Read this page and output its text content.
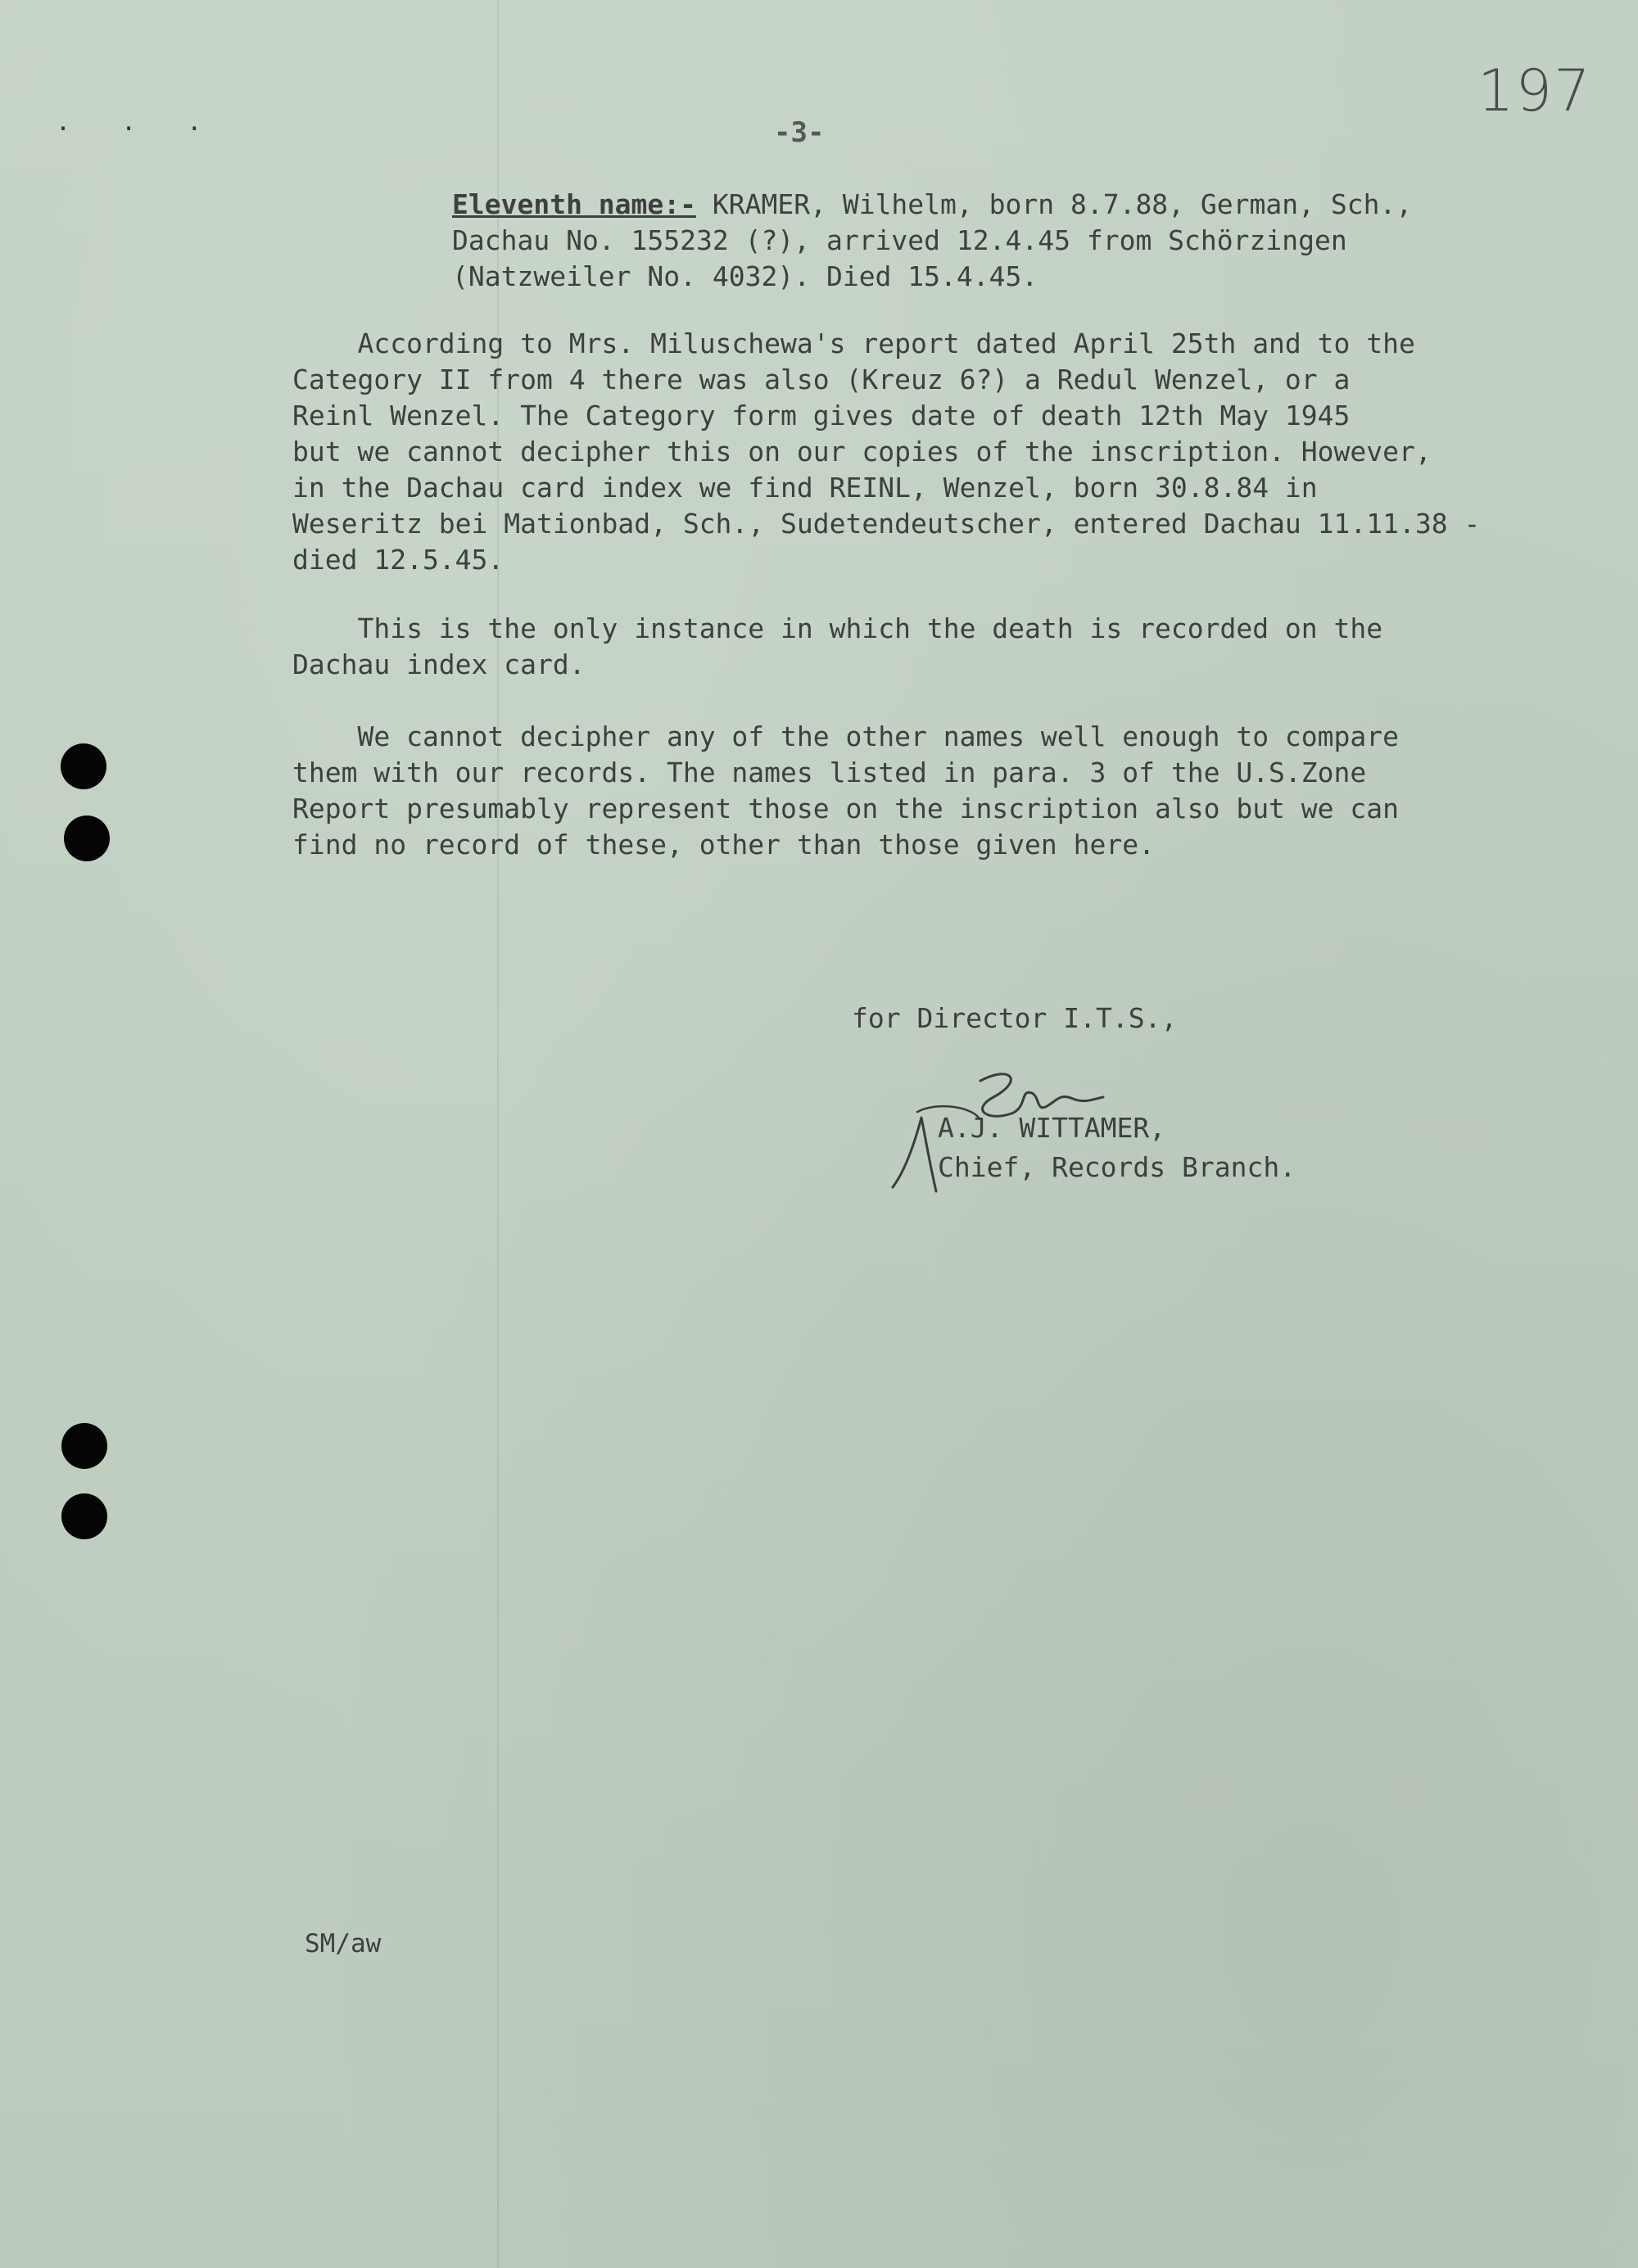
197
. . .	-3-

Eleventh name:- KRAMER, Wilhelm, born 8.7.88, German, Sch.,
Dachau No. 155232 (?), arrived 12.4.45 from Schörzingen
(Natzweiler No. 4032). Died 15.4.45.

According to Mrs. Miluschewa's report dated April 25th and to the
Category II from 4 there was also (Kreuz 6?) a Redul Wenzel, or a
Reinl Wenzel. The Category form gives date of death 12th May 1945
but we cannot decipher this on our copies of the inscription. However,
in the Dachau card index we find REINL, Wenzel, born 30.8.84 in
Weseritz bei Mationbad, Sch., Sudetendeutscher, entered Dachau 11.11.38 -
died 12.5.45.

This is the only instance in which the death is recorded on the
Dachau index card.

We cannot decipher any of the other names well enough to compare
them with our records. The names listed in para. 3 of the U.S.Zone
Report presumably represent those on the inscription also but we can
find no record of these, other than those given here.

for Director I.T.S.,
A.J. WITTAMER,
Chief, Records Branch.
SM/aw
